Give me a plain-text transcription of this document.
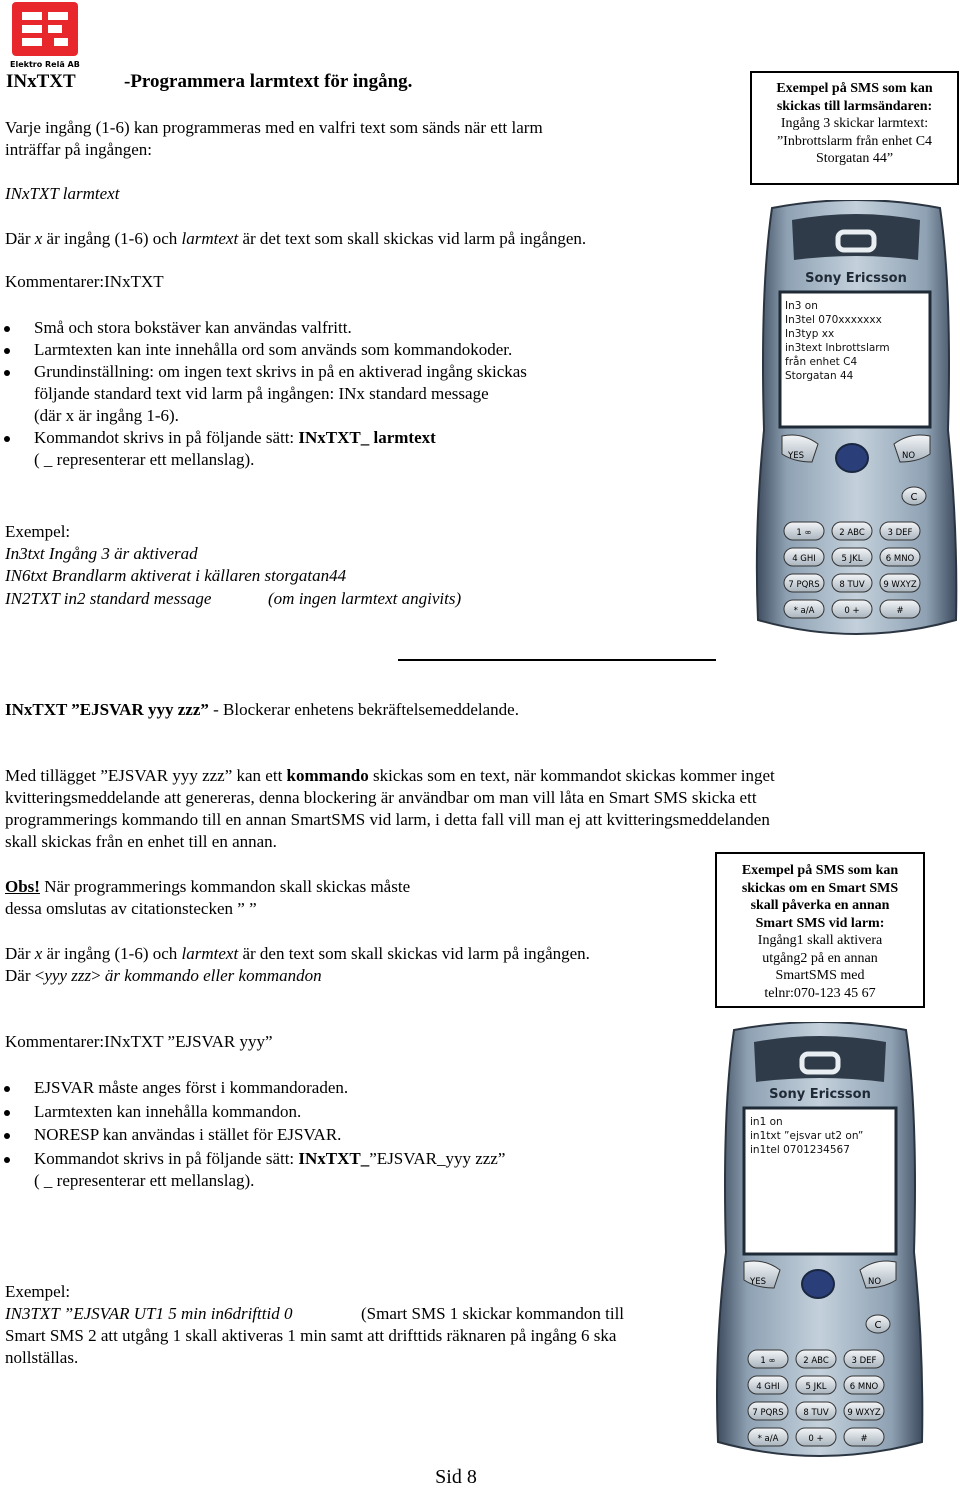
Elektro Relä AB
INxTXT	-Programmera larmtext för ingång.
Varje ingång (1-6) kan programmeras med en valfri text som sänds när ett larm
inträffar på ingången:
INxTXT larmtext
Där x är ingång (1-6) och larmtext är det text som skall skickas vid larm på ingången.
Kommentarer:INxTXT
Små och stora bokstäver kan användas valfritt.
Larmtexten kan inte innehålla ord som används som kommandokoder.
Grundinställning: om ingen text skrivs in på en aktiverad ingång skickas
följande standard text vid larm på ingången: INx standard message
(där x är ingång 1-6).
Kommandot skrivs in på följande sätt: INxTXT_ larmtext
( _ representerar ett mellanslag).
Exempel:
In3txt Ingång 3 är aktiverad
IN6txt Brandlarm aktiverat i källaren storgatan44
IN2TXT in2 standard message	(om ingen larmtext angivits)
Exempel på SMS som kan
skickas till larmsändaren:
Ingång 3 skickar larmtext:
”Inbrottslarm från enhet C4
Storgatan 44”
Sony Ericsson
YES	NO
C
1 ∞	2 ABC	3 DEF
4 GHI	5 JKL	6 MNO
7 PQRS 8 TUV 9 WXYZ
* a/A	0 +	#
In3 on
In3tel 070xxxxxxx
In3typ xx
in3text Inbrottslarm
från enhet C4
Storgatan 44
INxTXT ”EJSVAR yyy zzz” - Blockerar enhetens bekräftelsemeddelande.
Med tillägget ”EJSVAR yyy zzz” kan ett kommando skickas som en text, när kommandot skickas kommer inget
kvitteringsmeddelande att genereras, denna blockering är användbar om man vill låta en Smart SMS skicka ett
programmerings kommando till en annan SmartSMS vid larm, i detta fall vill man ej att kvitteringsmeddelanden
skall skickas från en enhet till en annan.
Obs! När programmerings kommandon skall skickas måste
dessa omslutas av citationstecken ” ”
Där x är ingång (1-6) och larmtext är den text som skall skickas vid larm på ingången.
Där <yyy zzz> är kommando eller kommandon
Kommentarer:INxTXT ”EJSVAR yyy”
EJSVAR måste anges först i kommandoraden.
Larmtexten kan innehålla kommandon.
NORESP kan användas i stället för EJSVAR.
Kommandot skrivs in på följande sätt: INxTXT_”EJSVAR_yyy zzz”
( _ representerar ett mellanslag).
Exempel:
IN3TXT ”EJSVAR UT1 5 min in6drifttid 0	(Smart SMS 1 skickar kommandon till
Smart SMS 2 att utgång 1 skall aktiveras 1 min samt att drifttids räknaren på ingång 6 ska
nollställas.
Exempel på SMS som kan
skickas om en Smart SMS
skall påverka en annan
Smart SMS vid larm:
Ingång1 skall aktivera
utgång2 på en annan
SmartSMS med
telnr:070-123 45 67
Sony Ericsson
YES	NO
C
1 ∞	2 ABC	3 DEF
4 GHI	5 JKL	6 MNO
7 PQRS 8 TUV 9 WXYZ
* a/A	0 +	#
in1 on
in1txt ”ejsvar ut2 on”
in1tel 0701234567
Sid 8
